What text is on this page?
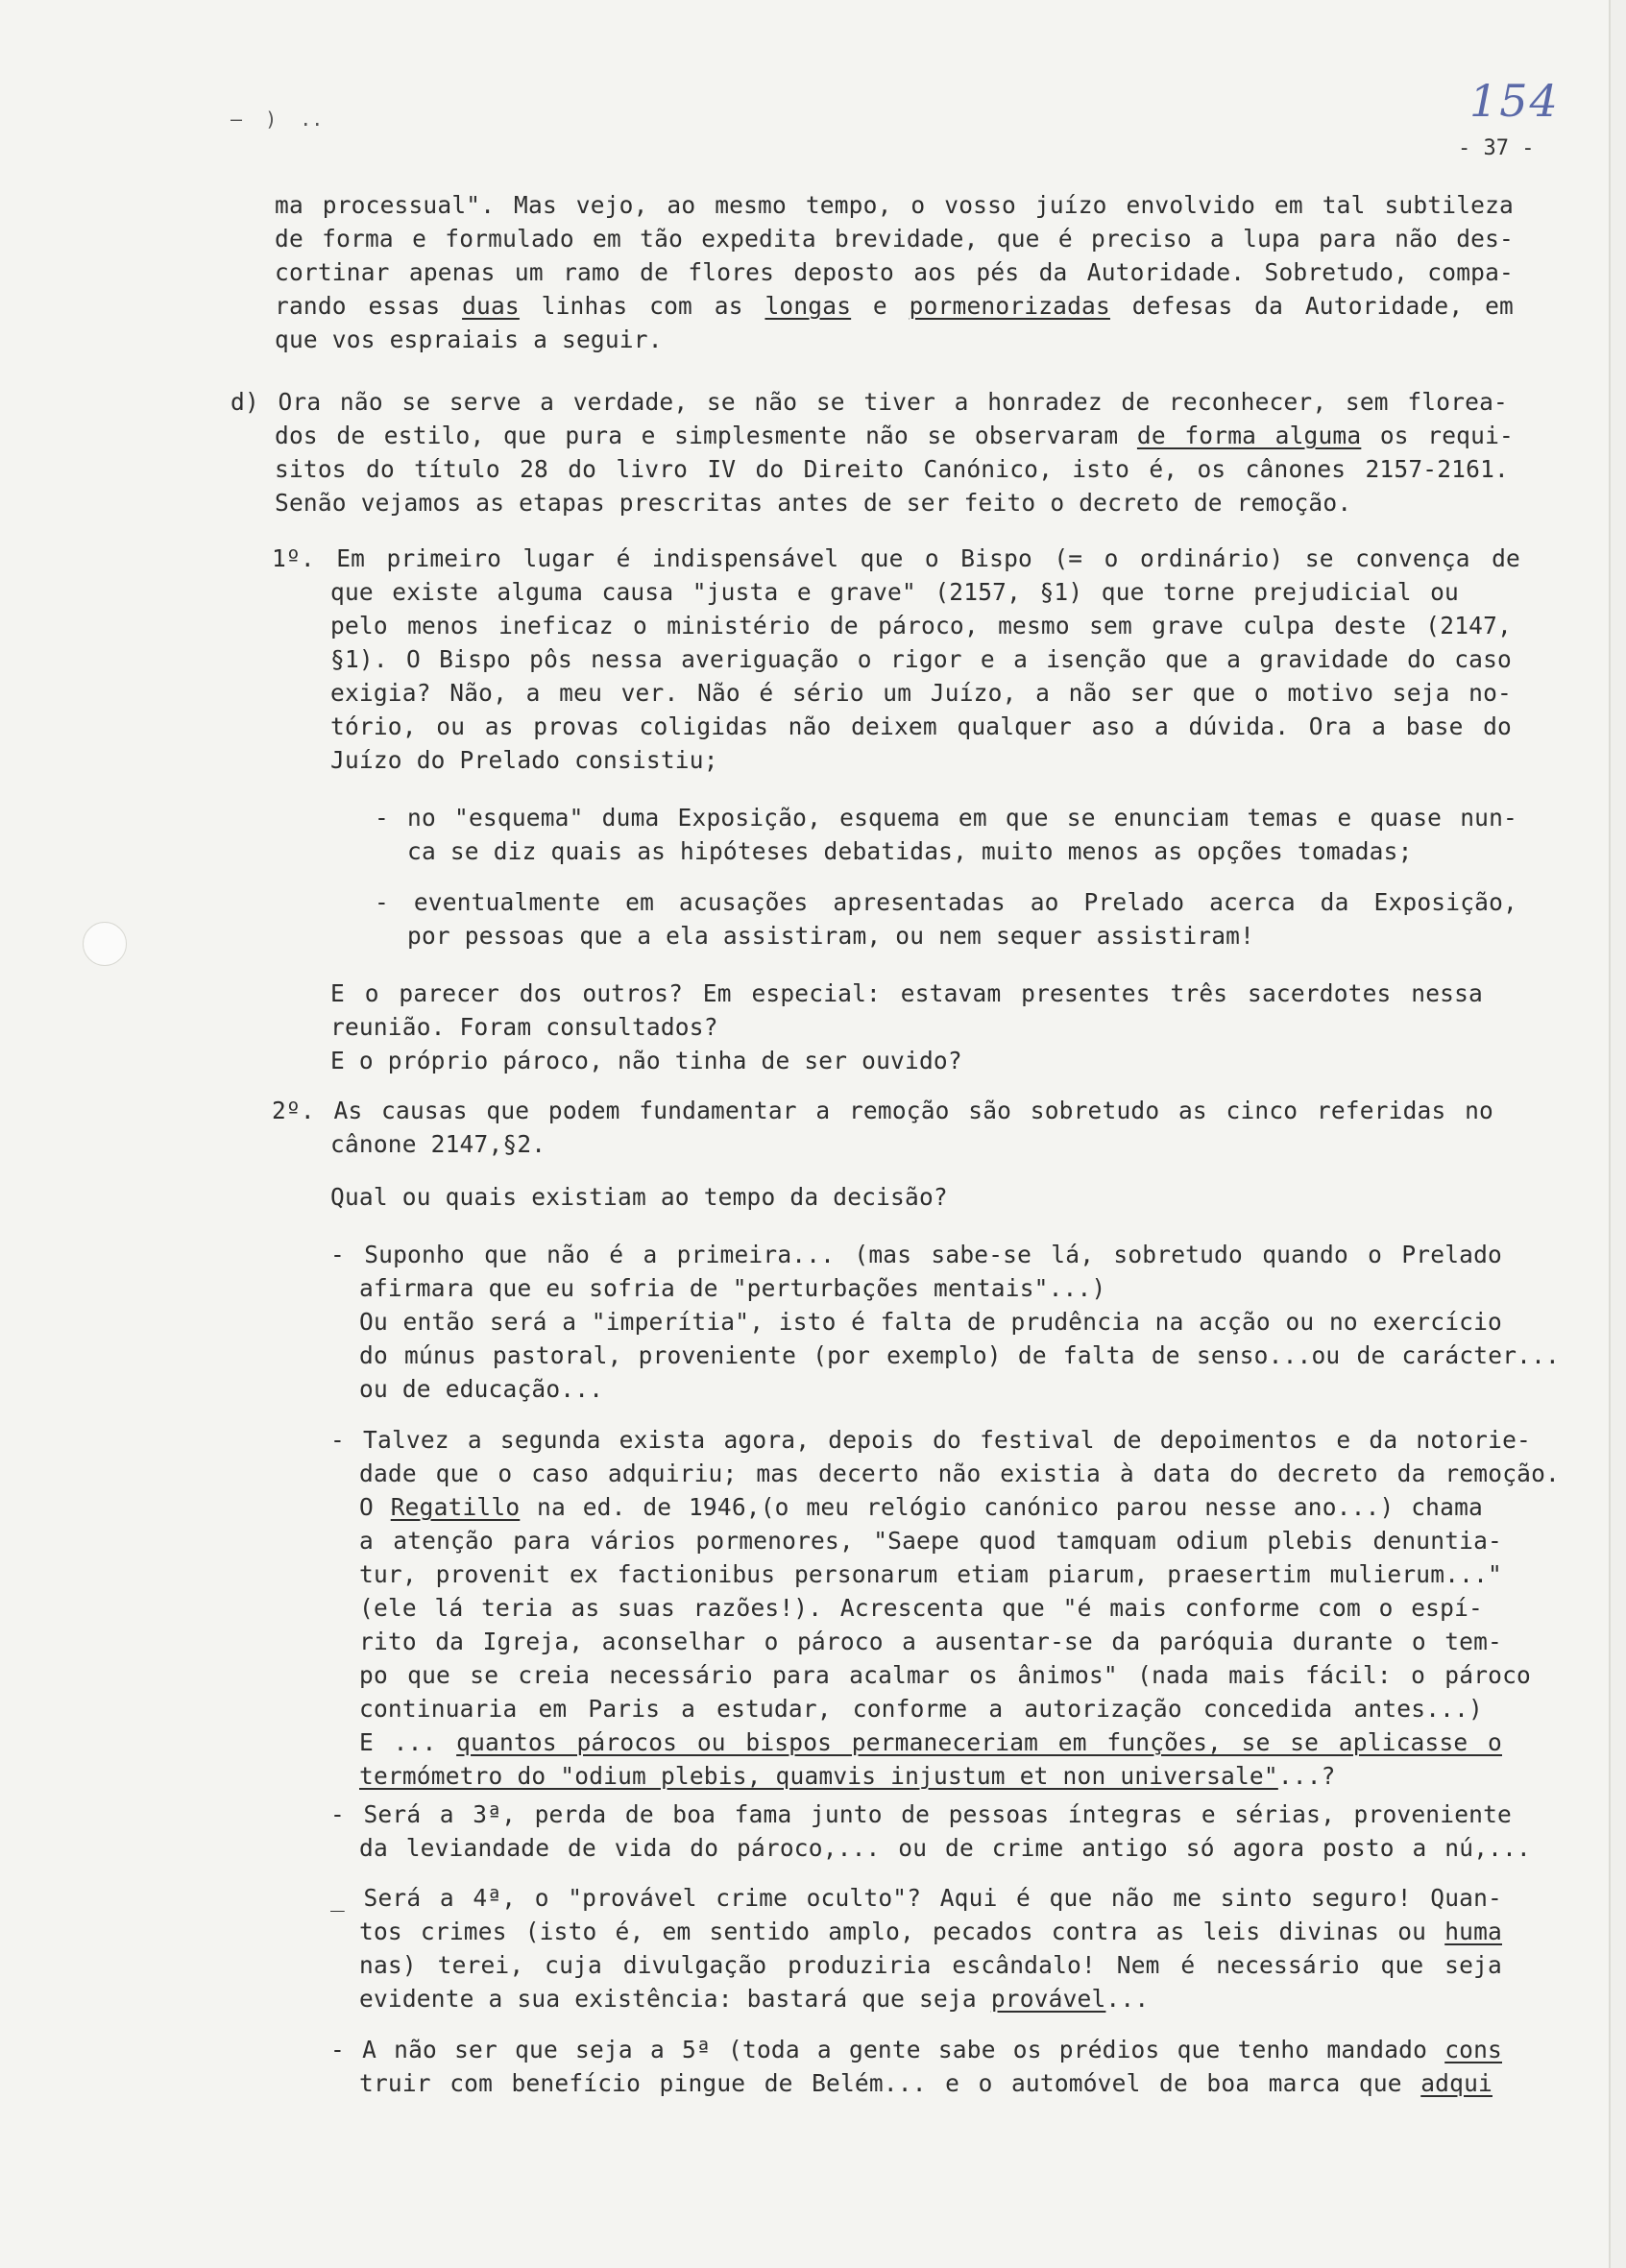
—  )  ..	154
- 37 -
ma processual". Mas vejo, ao mesmo tempo, o vosso juízo envolvido em tal subtileza
de forma e formulado em tão expedita brevidade, que é preciso a lupa para não des-
cortinar apenas um ramo de flores deposto aos pés da Autoridade. Sobretudo, compa-
rando essas duas linhas com as longas e pormenorizadas defesas da Autoridade, em
que vos espraiais a seguir.
d) Ora não se serve a verdade, se não se tiver a honradez de reconhecer, sem florea-
dos de estilo, que pura e simplesmente não se observaram de forma alguma os requi-
sitos do título 28 do livro IV do Direito Canónico, isto é, os cânones 2157-2161.
Senão vejamos as etapas prescritas antes de ser feito o decreto de remoção.
1º. Em primeiro lugar é indispensável que o Bispo (= o ordinário) se convença de
que existe alguma causa "justa e grave" (2157, §1) que torne prejudicial ou
pelo menos ineficaz o ministério de pároco, mesmo sem grave culpa deste (2147,
§1). O Bispo pôs nessa averiguação o rigor e a isenção que a gravidade do caso
exigia? Não, a meu ver. Não é sério um Juízo, a não ser que o motivo seja no-
tório, ou as provas coligidas não deixem qualquer aso a dúvida. Ora a base do
Juízo do Prelado consistiu;
- no "esquema" duma Exposição, esquema em que se enunciam temas e quase nun-
ca se diz quais as hipóteses debatidas, muito menos as opções tomadas;
- eventualmente em acusações apresentadas ao Prelado acerca da Exposição,
por pessoas que a ela assistiram, ou nem sequer assistiram!
E o parecer dos outros? Em especial: estavam presentes três sacerdotes nessa
reunião. Foram consultados?
E o próprio pároco, não tinha de ser ouvido?
2º. As causas que podem fundamentar a remoção são sobretudo as cinco referidas no
cânone 2147,§2.
Qual ou quais existiam ao tempo da decisão?
- Suponho que não é a primeira... (mas sabe-se lá, sobretudo quando o Prelado
afirmara que eu sofria de "perturbações mentais"...)
Ou então será a "imperítia", isto é falta de prudência na acção ou no exercício
do múnus pastoral, proveniente (por exemplo) de falta de senso...ou de carácter...
ou de educação...
- Talvez a segunda exista agora, depois do festival de depoimentos e da notorie-
dade que o caso adquiriu; mas decerto não existia à data do decreto da remoção.
O Regatillo na ed. de 1946,(o meu relógio canónico parou nesse ano...) chama
a atenção para vários pormenores, "Saepe quod tamquam odium plebis denuntia-
tur, provenit ex factionibus personarum etiam piarum, praesertim mulierum..."
(ele lá teria as suas razões!). Acrescenta que "é mais conforme com o espí-
rito da Igreja, aconselhar o pároco a ausentar-se da paróquia durante o tem-
po que se creia necessário para acalmar os ânimos" (nada mais fácil: o pároco
continuaria em Paris a estudar, conforme a autorização concedida antes...)
E ... quantos párocos ou bispos permaneceriam em funções, se se aplicasse o
termómetro do "odium plebis, quamvis injustum et non universale"...?
- Será a 3ª, perda de boa fama junto de pessoas íntegras e sérias, proveniente
da leviandade de vida do pároco,... ou de crime antigo só agora posto a nú,...
_ Será a 4ª, o "provável crime oculto"? Aqui é que não me sinto seguro! Quan-
tos crimes (isto é, em sentido amplo, pecados contra as leis divinas ou huma
nas) terei, cuja divulgação produziria escândalo! Nem é necessário que seja
evidente a sua existência: bastará que seja provável...
- A não ser que seja a 5ª (toda a gente sabe os prédios que tenho mandado cons
truir com benefício pingue de Belém... e o automóvel de boa marca que adqui
